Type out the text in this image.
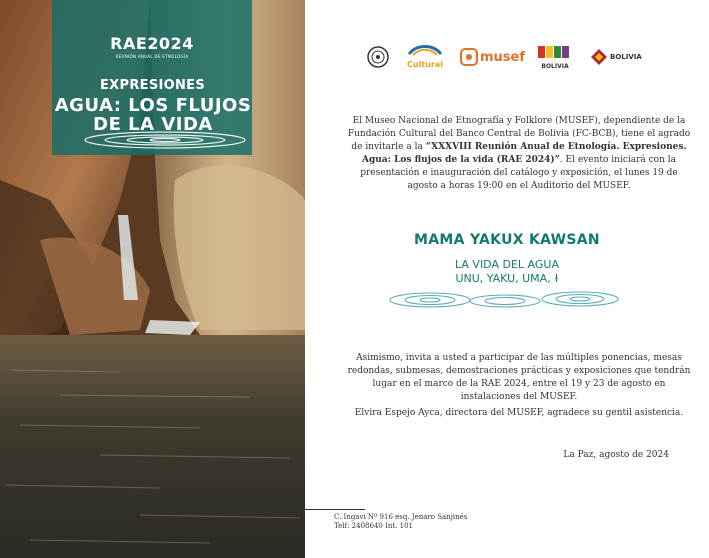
RAE2024
REUNIÓN ANUAL DE ETNOLOGÍA
EXPRESIONES
AGUA: LOS FLUJOS DE LA VIDA
Cultural	musef
BOLIVIA
BOLIVIA
El Museo Nacional de Etnografía y Folklore (MUSEF), dependiente de la Fundación Cultural del Banco Central de Bolivia (FC-BCB), tiene el agrado de invitarle a la “XXXVIII Reunión Anual de Etnología. Expresiones. Agua: Los flujos de la vida (RAE 2024)”. El evento iniciará con la presentación e inauguración del catálogo y exposición, el lunes 19 de agosto a horas 19:00 en el Auditorio del MUSEF.
MAMA YAKUX KAWSAN
LA VIDA DEL AGUA
UNU, YAKU, UMA, ɫ
Asimismo, invita a usted a participar de las múltiples ponencias, mesas redondas, submesas, demostraciones prácticas y exposiciones que tendrán lugar en el marco de la RAE 2024, entre el 19 y 23 de agosto en instalaciones del MUSEF.
Elvira Espejo Ayca, directora del MUSEF, agradece su gentil asistencia.
La Paz, agosto de 2024
C. Ingavi Nº 916 esq. Jenaro Sanjinés
Telf: 2408640 Int. 101
